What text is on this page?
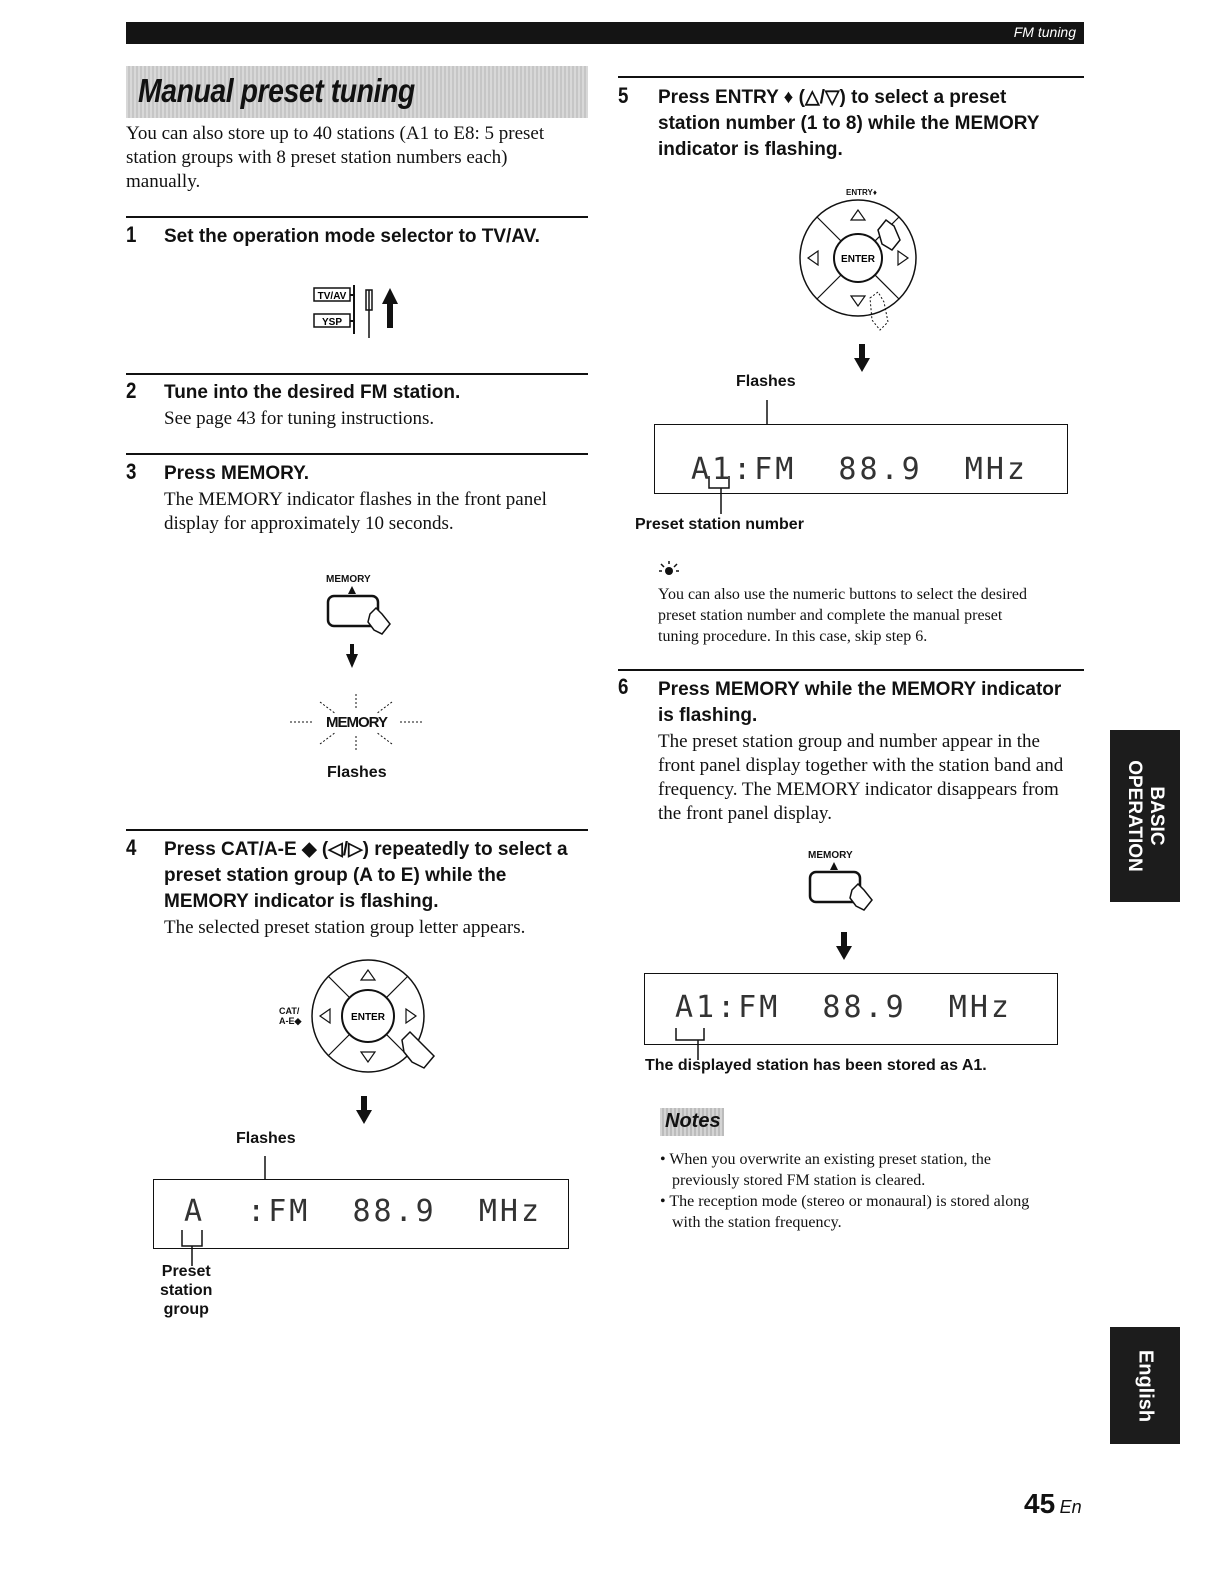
FM tuning
Manual preset tuning
You can also store up to 40 stations (A1 to E8: 5 preset
station groups with 8 preset station numbers each)
manually.
1 Set the operation mode selector to TV/AV.
TV/AV
YSP
2 Tune into the desired FM station.
See page 43 for tuning instructions.
3 Press MEMORY.
The MEMORY indicator flashes in the front panel
display for approximately 10 seconds.
MEMORY
MEMORY
Flashes
4 Press CAT/A-E ◆ (◁/▷) repeatedly to select a
preset station group (A to E) while the
MEMORY indicator is flashing.
The selected preset station group letter appears.
CAT/
A-E◆	ENTER
Flashes
A  :FM  88.9  MHz
Preset
station
group
5 Press ENTRY ♦ (△/▽) to select a preset
station number (1 to 8) while the MEMORY
indicator is flashing.
ENTRY♦
ENTER
Flashes
A1:FM  88.9  MHz
Preset station number
You can also use the numeric buttons to select the desired
preset station number and complete the manual preset
tuning procedure. In this case, skip step 6.
6 Press MEMORY while the MEMORY indicator
is flashing.
The preset station group and number appear in the
front panel display together with the station band and
frequency. The MEMORY indicator disappears from
the front panel display.
MEMORY
A1:FM  88.9  MHz
The displayed station has been stored as A1.
Notes
• When you overwrite an existing preset station, the
previously stored FM station is cleared.
• The reception mode (stereo or monaural) is stored along
with the station frequency.
BASIC
OPERATION
English
45 En
